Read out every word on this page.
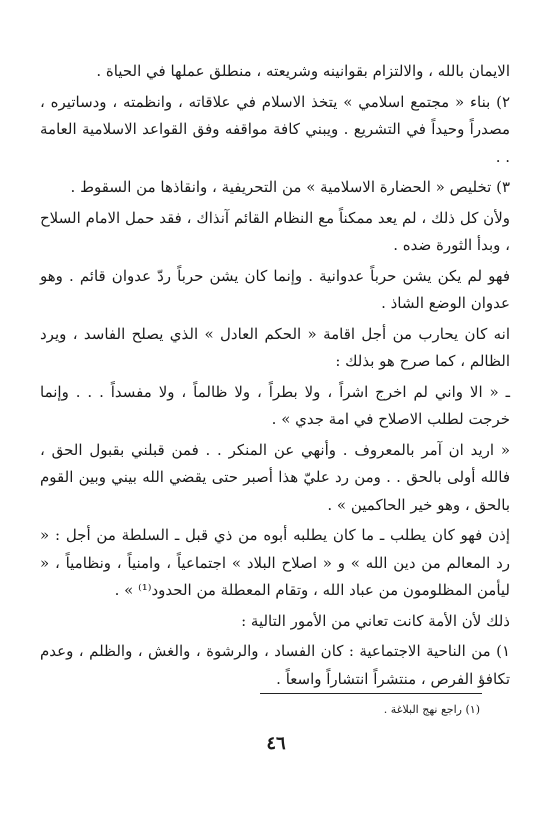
الايمان بالله ، والالتزام بقوانينه وشريعته ، منطلق عملها في الحياة .

٢) بناء « مجتمع اسلامي » يتخذ الاسلام في علاقاته ، وانظمته ، ودساتيره ، مصدراً وحيداً في التشريع . ويبني كافة مواقفه وفق القواعد الاسلامية العامة . .

٣) تخليص « الحضارة الاسلامية » من التحريفية ، وانقاذها من السقوط .

ولأن كل ذلك ، لم يعد ممكناً مع النظام القائم آنذاك ، فقد حمل الامام السلاح ، وبدأ الثورة ضده .

فهو لم يكن يشن حرباً عدوانية . وإنما كان يشن حرباً ردّ عدوان قائم . وهو عدوان الوضع الشاذ .

انه كان يحارب من أجل اقامة « الحكم العادل » الذي يصلح الفاسد ، ويرد الظالم ، كما صرح هو بذلك :

ـ « الا واني لم اخرج اشراً ، ولا بطراً ، ولا ظالماً ، ولا مفسداً . . . وإنما خرجت لطلب الاصلاح في امة جدي » .

« اريد ان آمر بالمعروف . وأنهي عن المنكر . . فمن قبلني بقبول الحق ، فالله أولى بالحق . . ومن رد عليّ هذا أصبر حتى يقضي الله بيني وبين القوم بالحق ، وهو خير الحاكمين » .

إذن فهو كان يطلب ـ ما كان يطلبه أبوه من ذي قبل ـ السلطة من أجل : « رد المعالم من دين الله » و « اصلاح البلاد » اجتماعياً ، وامنياً ، ونظامياً ، « ليأمن المظلومون من عباد الله ، وتقام المعطلة من الحدود⁽¹⁾ » .

ذلك لأن الأمة كانت تعاني من الأمور التالية :

١) من الناحية الاجتماعية : كان الفساد ، والرشوة ، والغش ، والظلم ، وعدم تكافؤ الفرص ، منتشراً انتشاراً واسعاً .

(١) راجع نهج البلاغة .
٤٦
